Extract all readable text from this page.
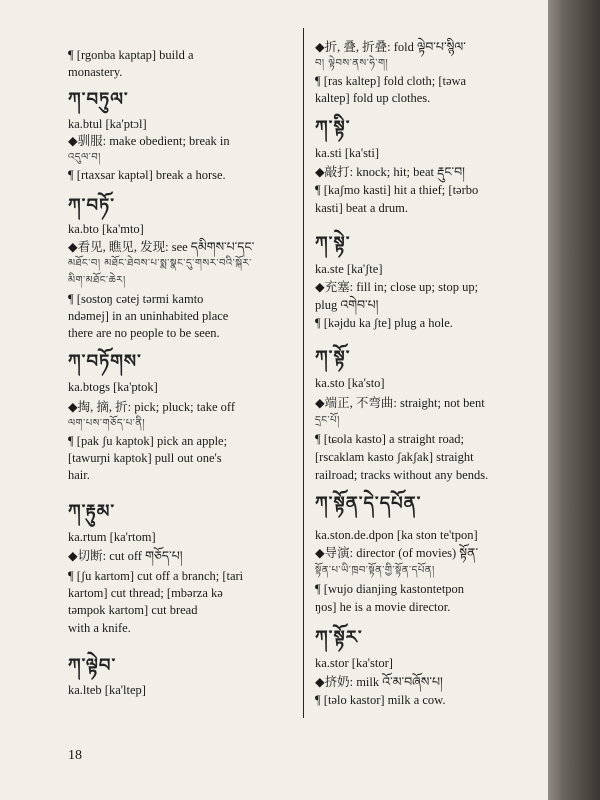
¶ [rgonba kaptap] build a
monastery.
ཀ་བཏུལ་
ka.btul [ka'ptɔl]
◆驯服: make obedient; break in
འདུལ་བ།
¶ [rtaxsar kaptəl] break a horse.
ཀ་བཏོ་
ka.bto [ka'mto]
◆看见, 瞧见, 发现: see དམིགས་པ་དང་
མཐོང་བ། མཐོང་ཐེབས་པ་སྨ་སྣང་དུ་གསར་བའི་སྐོར་
མིག་མཐོང་ཆེར།
¶ [sostoŋ cətej tərmi kamto
ndəmej] in an uninhabited place
there are no people to be seen.
ཀ་བཏོགས་
ka.btogs [ka'ptok]
◆掏, 摘, 折: pick; pluck; take off
ལག་པས་གཅོད་པ་ནི།
¶ [pak ʃu kaptok] pick an apple;
[tawurɲi kaptok] pull out one's
hair.
ཀ་རྟུམ་
ka.rtum [ka'rtom]
◆切断: cut off གཅོད་པ།
¶ [ʃu kartom] cut off a branch; [tari
kartom] cut thread; [mbərza kə
təmpok kartom] cut bread
with a knife.
ཀ་ལྟེབ་
ka.lteb [ka'ltep]
◆折, 叠, 折叠: fold ལྟེབ་པ་སྙིལ་
བ། ལྟེབས་ནས་ཧེ་ག།
¶ [ras kaltep] fold cloth; [təwa
kaltep] fold up clothes.
ཀ་སྟི་
ka.sti [ka'sti]
◆敲打: knock; hit; beat རྡུང་བ།
¶ [kaʃmo kasti] hit a thief; [tərbo
kasti] beat a drum.
ཀ་སྟེ་
ka.ste [ka'ʃte]
◆充塞: fill in; close up; stop up;
plug འགེབ་པ།
¶ [kəjdu ka ʃte] plug a hole.
ཀ་སྟོ་
ka.sto [ka'sto]
◆端正, 不弯曲: straight; not bent
དྲང་པོ།
¶ [tɕola kasto] a straight road;
[rscaklam kasto ʃakʃak] straight
railroad; tracks without any bends.
ཀ་སྟོན་དེ་དཔོན་
ka.ston.de.dpon [ka ston te'tpon]
◆导演: director (of movies) སྟོན་
སྟོན་པ་ཡི་ཁྲབ་སྟོན་གྱི་སྟོན་དཔོན།
¶ [wujo dianjing kastontetpon
ŋos] he is a movie director.
ཀ་སྟོར་
ka.stor [ka'stor]
◆挤奶: milk འོ་མ་བཞོས་པ།
¶ [təlo kastor] milk a cow.
18
